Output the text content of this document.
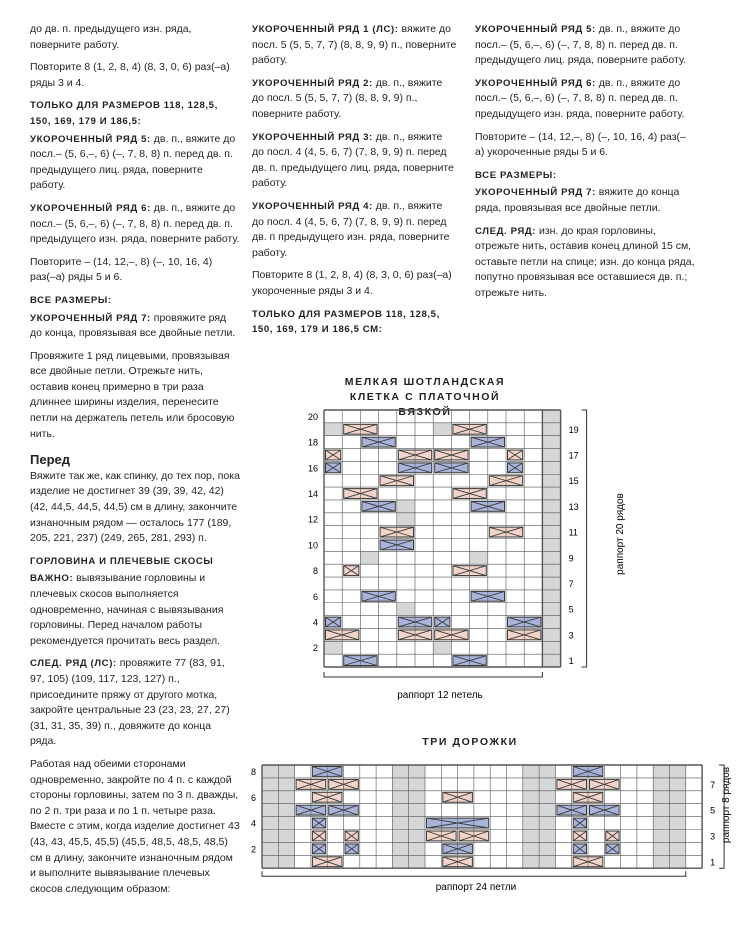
до дв. п. предыдущего изн. ряда, поверните работу.

Повторите 8 (1, 2, 8, 4) (8, 3, 0, 6) раз(–а) ряды 3 и 4.

ТОЛЬКО ДЛЯ РАЗМЕРОВ 118, 128,5, 150, 169, 179 И 186,5:

УКОРОЧЕННЫЙ РЯД 5: дв. п., вяжите до посл.– (5, 6,–, 6) (–, 7, 8, 8) п. перед дв. п. предыдущего лиц. ряда, поверните работу.

УКОРОЧЕННЫЙ РЯД 6: дв. п., вяжите до посл.– (5, 6,–, 6) (–, 7, 8, 8) п. перед дв. п. предыдущего изн. ряда, поверните работу.

Повторите – (14, 12,–, 8) (–, 10, 16, 4) раз(–а) ряды 5 и 6.

ВСЕ РАЗМЕРЫ:

УКОРОЧЕННЫЙ РЯД 7: провяжите ряд до конца, провязывая все двойные петли.

Провяжите 1 ряд лицевыми, провязывая все двойные петли. Отрежьте нить, оставив конец примерно в три раза длиннее ширины изделия, перенесите петли на держатель петель или бросовую нить.

Перед

Вяжите так же, как спинку, до тех пор, пока изделие не достигнет 39 (39, 39, 42, 42) (42, 44,5, 44,5, 44,5) см в длину, закончите изнаночным рядом — осталось 177 (189, 205, 221, 237) (249, 265, 281, 293) п.

ГОРЛОВИНА И ПЛЕЧЕВЫЕ СКОСЫ

ВАЖНО: вывязывание горловины и плечевых скосов выполняется одновременно, начиная с вывязывания горловины. Перед началом работы рекомендуется прочитать весь раздел.

СЛЕД. РЯД (ЛС): провяжите 77 (83, 91, 97, 105) (109, 117, 123, 127) п., присоедините пряжу от другого мотка, закройте центральные 23 (23, 23, 27, 27) (31, 31, 35, 39) п., довяжите до конца ряда.

Работая над обеими сторонами одновременно, закройте по 4 п. с каждой стороны горловины, затем по 3 п. дважды, по 2 п. три раза и по 1 п. четыре раза. Вместе с этим, когда изделие достигнет 43 (43, 43, 45,5, 45,5) (45,5, 48,5, 48,5, 48,5) см в длину, закончите изнаночным рядом и выполните вывязывание плечевых скосов следующим образом:

УКОРОЧЕННЫЙ РЯД 1 (ЛС): вяжите до посл. 5 (5, 5, 7, 7) (8, 8, 9, 9) п., поверните работу.

УКОРОЧЕННЫЙ РЯД 2: дв. п., вяжите до посл. 5 (5, 5, 7, 7) (8, 8, 9, 9) п., поверните работу.

УКОРОЧЕННЫЙ РЯД 3: дв. п., вяжите до посл. 4 (4, 5, 6, 7) (7, 8, 9, 9) п. перед дв. п. предыдущего лиц. ряда, поверните работу.

УКОРОЧЕННЫЙ РЯД 4: дв. п., вяжите до посл. 4 (4, 5, 6, 7) (7, 8, 9, 9) п. перед дв. п предыдущего изн. ряда, поверните работу.

Повторите 8 (1, 2, 8, 4) (8, 3, 0, 6) раз(–а) укороченные ряды 3 и 4.

ТОЛЬКО ДЛЯ РАЗМЕРОВ 118, 128,5, 150, 169, 179 И 186,5 СМ:

УКОРОЧЕННЫЙ РЯД 5: дв. п., вяжите до посл.– (5, 6,–, 6) (–, 7, 8, 8) п. перед дв. п. предыдущего лиц. ряда, поверните работу.

УКОРОЧЕННЫЙ РЯД 6: дв. п., вяжите до посл.– (5, 6,–, 6) (–, 7, 8, 8) п. перед дв. п. предыдущего изн. ряда, поверните работу.

Повторите – (14, 12,–, 8) (–, 10, 16, 4) раз(–а) укороченные ряды 5 и 6.

ВСЕ РАЗМЕРЫ:

УКОРОЧЕННЫЙ РЯД 7: вяжите до конца ряда, провязывая все двойные петли.

СЛЕД. РЯД: изн. до края горловины, отрежьте нить, оставив конец длиной 15 см, оставьте петли на спице; изн. до конца ряда, попутно провязывая все оставшиеся дв. п.; отрежьте нить.

МЕЛКАЯ ШОТЛАНДСКАЯ КЛЕТКА С ПЛАТОЧНОЙ ВЯЗКОЙ
2
4
6
8
10
12
14
16
18
20
1
3
5
7
9
11
13
15
17
19
раппорт 12 петель
раппорт 20 рядов
ТРИ ДОРОЖКИ
2
4
6
8
1
3
5
7
раппорт 24 петли
раппорт 8 рядов
